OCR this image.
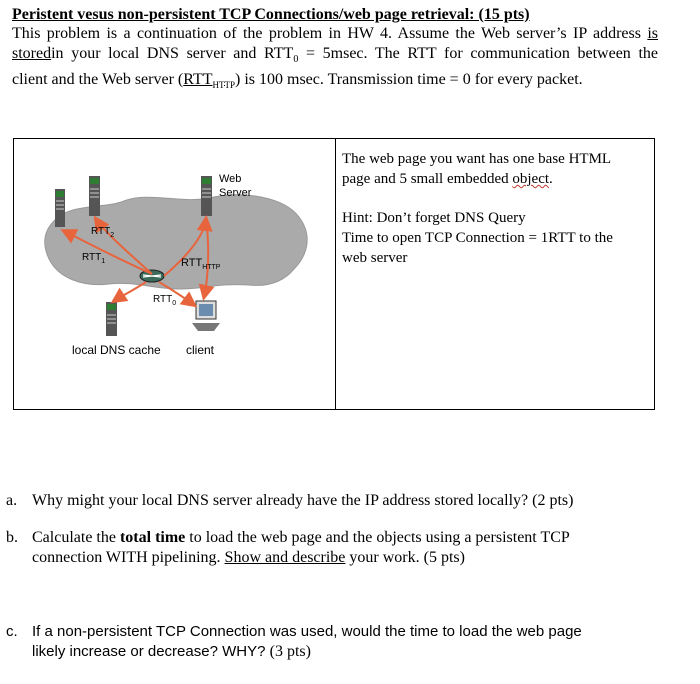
Peristent vesus non-persistent TCP Connections/web page retrieval: (15 pts)

This problem is a continuation of the problem in HW 4. Assume the Web server’s IP address is

storedin your local DNS server and $RTT_0 = 5msec$. The RTT for communication between the

client and the Web server $(RTT_{HTTP})$ is 100 msec. Transmission time = 0 for every packet.

Web
Server
$RTT_2$
$RTT_1$	$RTT_{HTTP}$
$RTT_0$
local DNS cache client

The web page you want has one base HTML

page and 5 small embedded object.

Hint: Don’t forget DNS Query

Time to open TCP Connection = 1RTT to the

web server

a. Why might your local DNS server already have the IP address stored locally? (2 pts)
b. Calculate the total time to load the web page and the objects using a persistent TCP
connection WITH pipelining. Show and describe your work. (5 pts)
c. If a non-persistent TCP Connection was used, would the time to load the web page
likely increase or decrease? WHY? (3 pts)
